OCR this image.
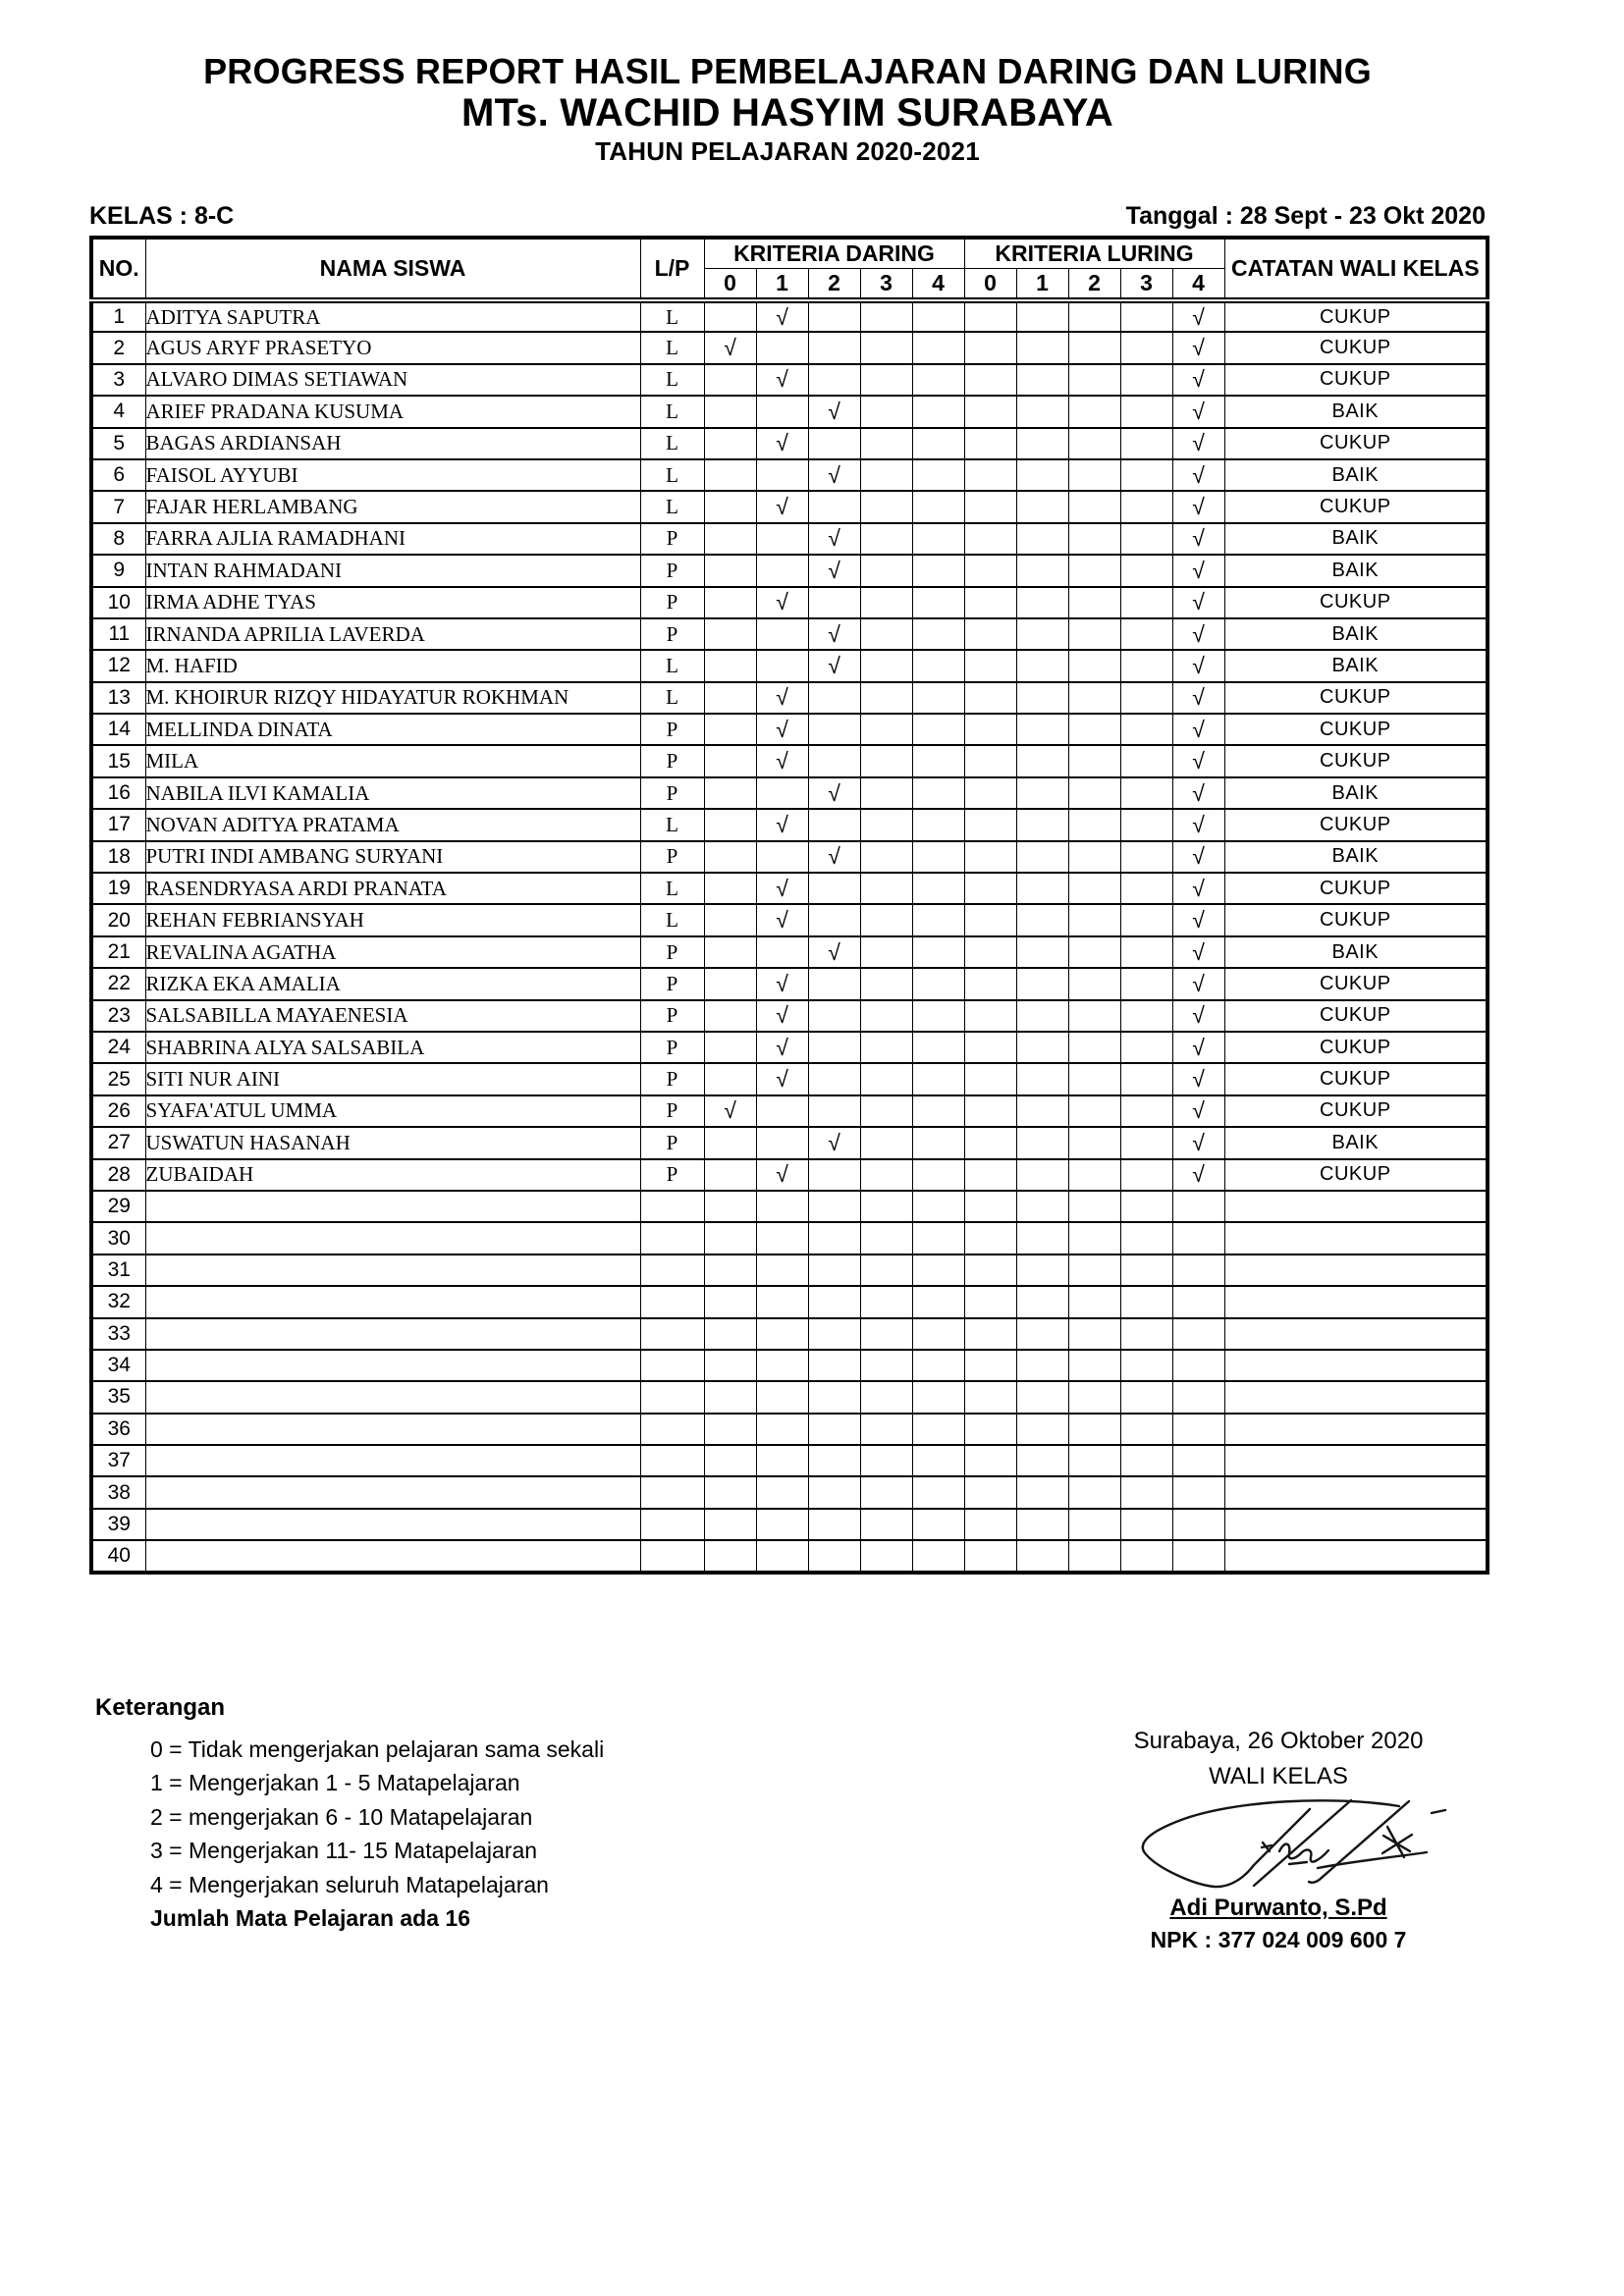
PROGRESS REPORT HASIL PEMBELAJARAN DARING DAN LURING
MTs. WACHID HASYIM SURABAYA
TAHUN PELAJARAN 2020-2021
Tanggal : 28 Sept - 23 Okt 2020
KELAS : 8-C
NO.	NAMA SISWA	L/P	KRITERIA DARING					KRITERIA LURING					CATATAN WALI KELAS
			0	1	2	3	4	0	1	2	3	4	
1	ADITYA SAPUTRA	L		√								√	CUKUP
2	AGUS ARYF PRASETYO	L	√									√	CUKUP
3	ALVARO DIMAS SETIAWAN	L		√								√	CUKUP
4	ARIEF PRADANA KUSUMA	L			√							√	BAIK
5	BAGAS ARDIANSAH	L		√								√	CUKUP
6	FAISOL AYYUBI	L			√							√	BAIK
7	FAJAR HERLAMBANG	L		√								√	CUKUP
8	FARRA AJLIA RAMADHANI	P			√							√	BAIK
9	INTAN RAHMADANI	P			√							√	BAIK
10	IRMA ADHE TYAS	P		√								√	CUKUP
11	IRNANDA APRILIA LAVERDA	P			√							√	BAIK
12	M. HAFID	L			√							√	BAIK
13	M. KHOIRUR RIZQY HIDAYATUR ROKHMAN	L		√								√	CUKUP
14	MELLINDA DINATA	P		√								√	CUKUP
15	MILA	P		√								√	CUKUP
16	NABILA ILVI KAMALIA	P			√							√	BAIK
17	NOVAN ADITYA PRATAMA	L		√								√	CUKUP
18	PUTRI INDI AMBANG SURYANI	P			√							√	BAIK
19	RASENDRYASA ARDI PRANATA	L		√								√	CUKUP
20	REHAN FEBRIANSYAH	L		√								√	CUKUP
21	REVALINA AGATHA	P			√							√	BAIK
22	RIZKA EKA AMALIA	P		√								√	CUKUP
23	SALSABILLA MAYAENESIA	P		√								√	CUKUP
24	SHABRINA ALYA SALSABILA	P		√								√	CUKUP
25	SITI NUR AINI	P		√								√	CUKUP
26	SYAFA'ATUL UMMA	P	√									√	CUKUP
27	USWATUN HASANAH	P			√							√	BAIK
28	ZUBAIDAH	P		√								√	CUKUP
29													
30													
31													
32													
33													
34													
35													
36													
37													
38													
39													
40													
Keterangan
0 = Tidak mengerjakan pelajaran sama sekali
1 = Mengerjakan 1 - 5 Matapelajaran
2 = mengerjakan 6 - 10 Matapelajaran
3 = Mengerjakan 11- 15 Matapelajaran
4 = Mengerjakan seluruh Matapelajaran
Jumlah Mata Pelajaran ada 16
Surabaya, 26 Oktober 2020
WALI KELAS
Adi Purwanto, S.Pd
NPK : 377 024 009 600 7
